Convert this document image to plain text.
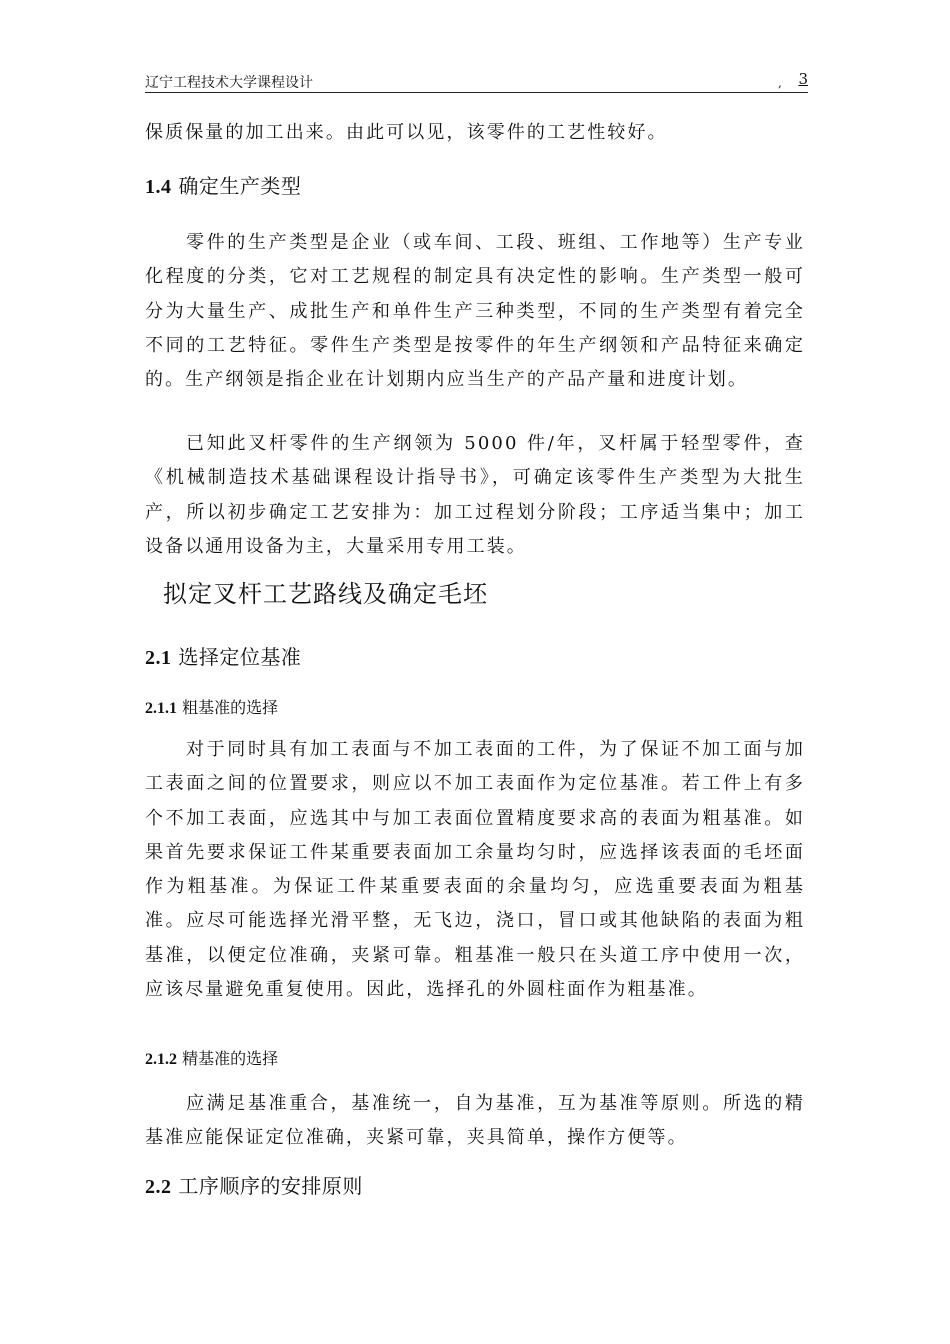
辽宁工程技术大学课程设计	, 3

保质保量的加工出来。由此可以见，该零件的工艺性较好。

1.4 确定生产类型

零件的生产类型是企业（或车间、工段、班组、工作地等）生产专业化程度的分类，它对工艺规程的制定具有决定性的影响。生产类型一般可分为大量生产、成批生产和单件生产三种类型，不同的生产类型有着完全不同的工艺特征。零件生产类型是按零件的年生产纲领和产品特征来确定的。生产纲领是指企业在计划期内应当生产的产品产量和进度计划。

已知此叉杆零件的生产纲领为 5000 件/年，叉杆属于轻型零件，查《机械制造技术基础课程设计指导书》，可确定该零件生产类型为大批生产，所以初步确定工艺安排为：加工过程划分阶段；工序适当集中；加工设备以通用设备为主，大量采用专用工装。

拟定叉杆工艺路线及确定毛坯
2.1 选择定位基准
2.1.1 粗基准的选择

对于同时具有加工表面与不加工表面的工件，为了保证不加工面与加工表面之间的位置要求，则应以不加工表面作为定位基准。若工件上有多个不加工表面，应选其中与加工表面位置精度要求高的表面为粗基准。如果首先要求保证工件某重要表面加工余量均匀时，应选择该表面的毛坯面作为粗基准。为保证工件某重要表面的余量均匀，应选重要表面为粗基准。应尽可能选择光滑平整，无飞边，浇口，冒口或其他缺陷的表面为粗基准，以便定位准确，夹紧可靠。粗基准一般只在头道工序中使用一次，应该尽量避免重复使用。因此，选择孔的外圆柱面作为粗基准。

2.1.2 精基准的选择

应满足基准重合，基准统一，自为基准，互为基准等原则。所选的精基准应能保证定位准确，夹紧可靠，夹具简单，操作方便等。

2.2 工序顺序的安排原则
